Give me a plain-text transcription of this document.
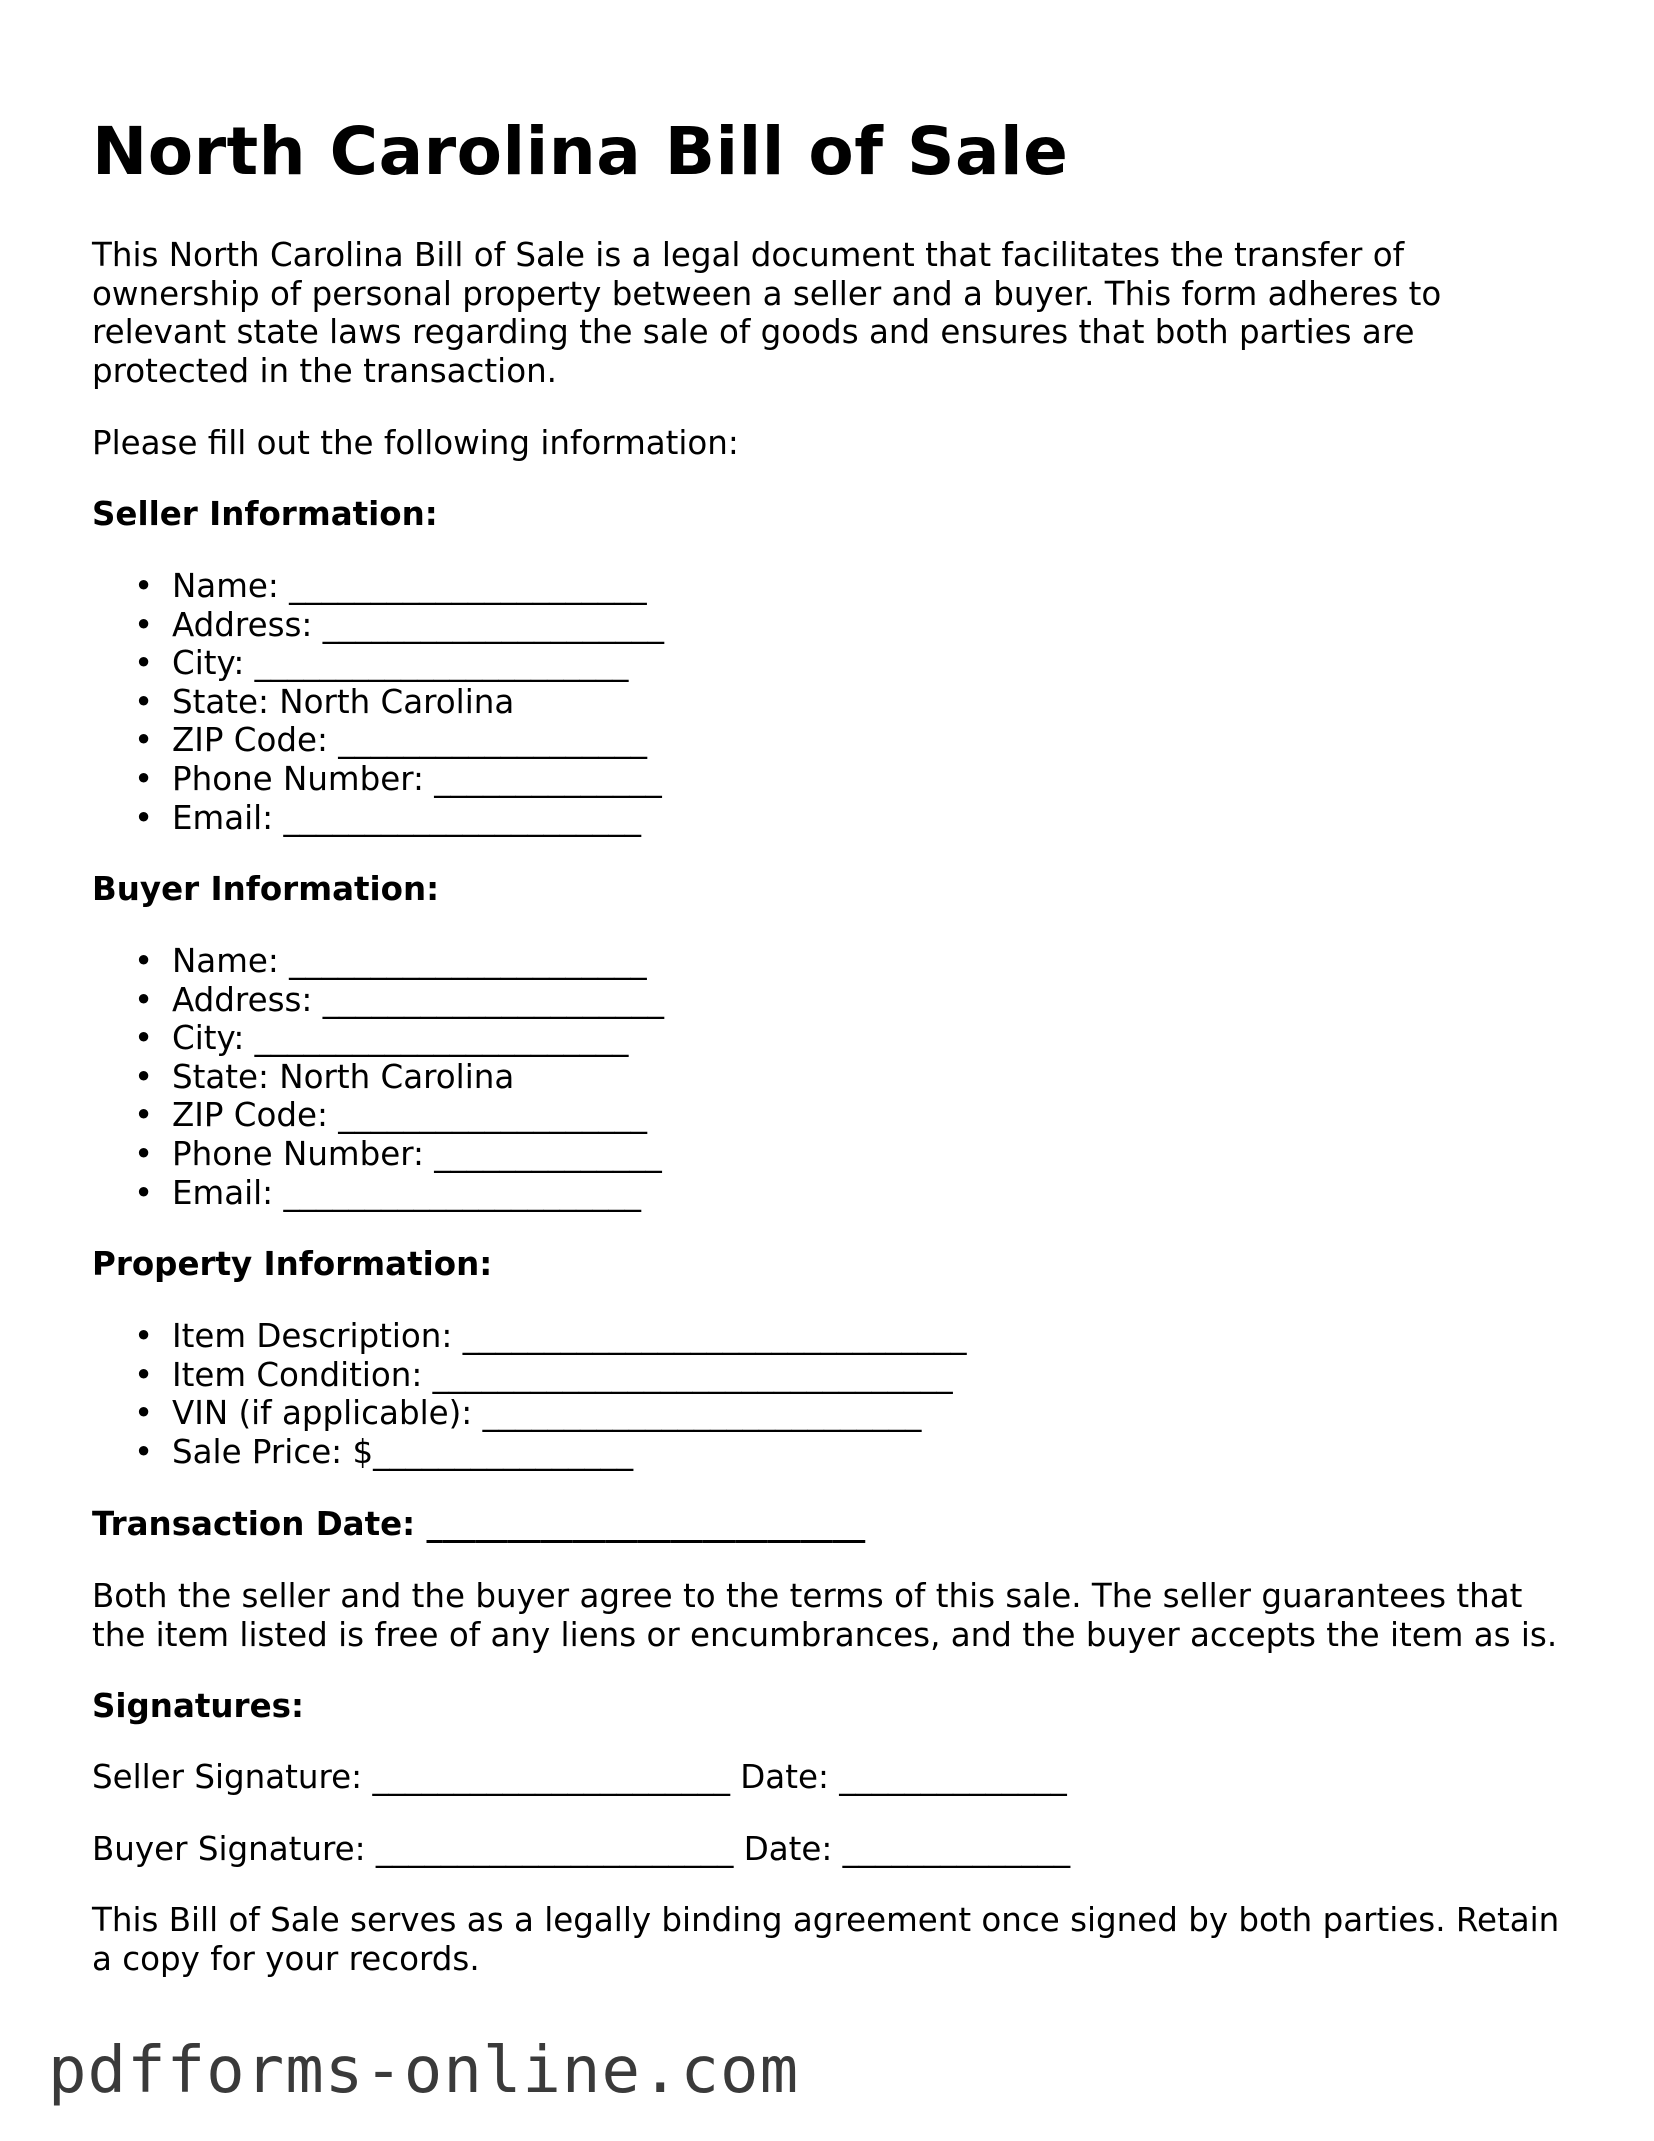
North Carolina Bill of Sale

This North Carolina Bill of Sale is a legal document that facilitates the transfer of ownership of personal property between a seller and a buyer. This form adheres to relevant state laws regarding the sale of goods and ensures that both parties are protected in the transaction.

Please fill out the following information:

Seller Information:

• Name: ______________________
• Address: _____________________
• City: _______________________
• State: North Carolina
• ZIP Code: ___________________
• Phone Number: ______________
• Email: ______________________

Buyer Information:

• Name: ______________________
• Address: _____________________
• City: _______________________
• State: North Carolina
• ZIP Code: ___________________
• Phone Number: ______________
• Email: ______________________

Property Information:

• Item Description: _______________________________
• Item Condition: ________________________________
• VIN (if applicable): ___________________________
• Sale Price: $________________

Transaction Date: ___________________________

Both the seller and the buyer agree to the terms of this sale. The seller guarantees that the item listed is free of any liens or encumbrances, and the buyer accepts the item as is.

Signatures:

Seller Signature: ______________________ Date: ______________

Buyer Signature: ______________________ Date: ______________

This Bill of Sale serves as a legally binding agreement once signed by both parties. Retain a copy for your records.

pdfforms-online.com
